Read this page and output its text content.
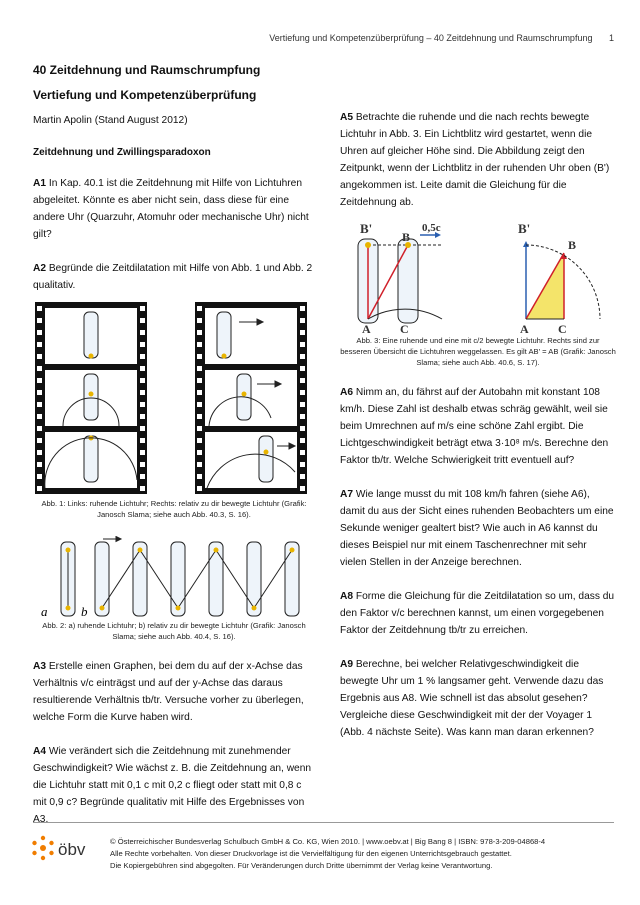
Vertiefung und Kompetenzüberprüfung – 40 Zeitdehnung und Raumschrumpfung 1
40 Zeitdehnung und Raumschrumpfung
Vertiefung und Kompetenzüberprüfung
Martin Apolin (Stand August 2012)
Zeitdehnung und Zwillingsparadoxon

A1 In Kap. 40.1 ist die Zeitdehnung mit Hilfe von Lichtuhren abgeleitet. Könnte es aber nicht sein, dass diese für eine andere Uhr (Quarzuhr, Atomuhr oder mechanische Uhr) nicht gilt?

A2 Begründe die Zeitdilatation mit Hilfe von Abb. 1 und Abb. 2 qualitativ.

Abb. 1: Links: ruhende Lichtuhr; Rechts: relativ zu dir bewegte Lichtuhr (Grafik: Janosch Slama; siehe auch Abb. 40.3, S. 16).
a	b
Abb. 2: a) ruhende Lichtuhr; b) relativ zu dir bewegte Lichtuhr (Grafik: Janosch Slama; siehe auch Abb. 40.4, S. 16).

A3 Erstelle einen Graphen, bei dem du auf der x-Achse das Verhältnis v/c einträgst und auf der y-Achse das daraus resultierende Verhältnis tb/tr. Versuche vorher zu überlegen, welche Form die Kurve haben wird.

A4 Wie verändert sich die Zeitdehnung mit zunehmender Geschwindigkeit? Wie wächst z. B. die Zeitdehnung an, wenn die Lichtuhr statt mit 0,1 c mit 0,2 c fliegt oder statt mit 0,8 c mit 0,9 c? Begründe qualitativ mit Hilfe des Ergebnisses von A3.

A5 Betrachte die ruhende und die nach rechts bewegte Lichtuhr in Abb. 3. Ein Lichtblitz wird gestartet, wenn die Uhren auf gleicher Höhe sind. Die Abbildung zeigt den Zeitpunkt, wenn der Lichtblitz in der ruhenden Uhr oben (B') angekommen ist. Leite damit die Gleichung für die Zeitdehnung ab.

B'
B
0,5c
A C
B'
B
A C
Abb. 3: Eine ruhende und eine mit c/2 bewegte Lichtuhr. Rechts sind zur besseren Übersicht die Lichtuhren weggelassen. Es gilt AB' = AB (Grafik: Janosch Slama; siehe auch Abb. 40.6, S. 17).

A6 Nimm an, du fährst auf der Autobahn mit konstant 108 km/h. Diese Zahl ist deshalb etwas schräg gewählt, weil sie beim Umrechnen auf m/s eine schöne Zahl ergibt. Die Lichtgeschwindigkeit beträgt etwa 3·10⁸ m/s. Berechne den Faktor tb/tr. Welche Schwierigkeit tritt eventuell auf?

A7 Wie lange musst du mit 108 km/h fahren (siehe A6), damit du aus der Sicht eines ruhenden Beobachters um eine Sekunde weniger gealtert bist? Wie auch in A6 kannst du dieses Beispiel nur mit einem Taschenrechner mit sehr vielen Stellen in der Anzeige berechnen.

A8 Forme die Gleichung für die Zeitdilatation so um, dass du den Faktor v/c berechnen kannst, um einen vorgegebenen Faktor der Zeitdehnung tb/tr zu erreichen.

A9 Berechne, bei welcher Relativgeschwindigkeit die bewegte Uhr um 1 % langsamer geht. Verwende dazu das Ergebnis aus A8. Wie schnell ist das absolut gesehen? Vergleiche diese Geschwindigkeit mit der der Voyager 1 (Abb. 4 nächste Seite). Was kann man daran erkennen?

öbv	© Österreichischer Bundesverlag Schulbuch GmbH & Co. KG, Wien 2010. | www.oebv.at | Big Bang 8 | ISBN: 978-3-209-04868-4
Alle Rechte vorbehalten. Von dieser Druckvorlage ist die Vervielfältigung für den eigenen Unterrichtsgebrauch gestattet.
Die Kopiergebühren sind abgegolten. Für Veränderungen durch Dritte übernimmt der Verlag keine Verantwortung.
